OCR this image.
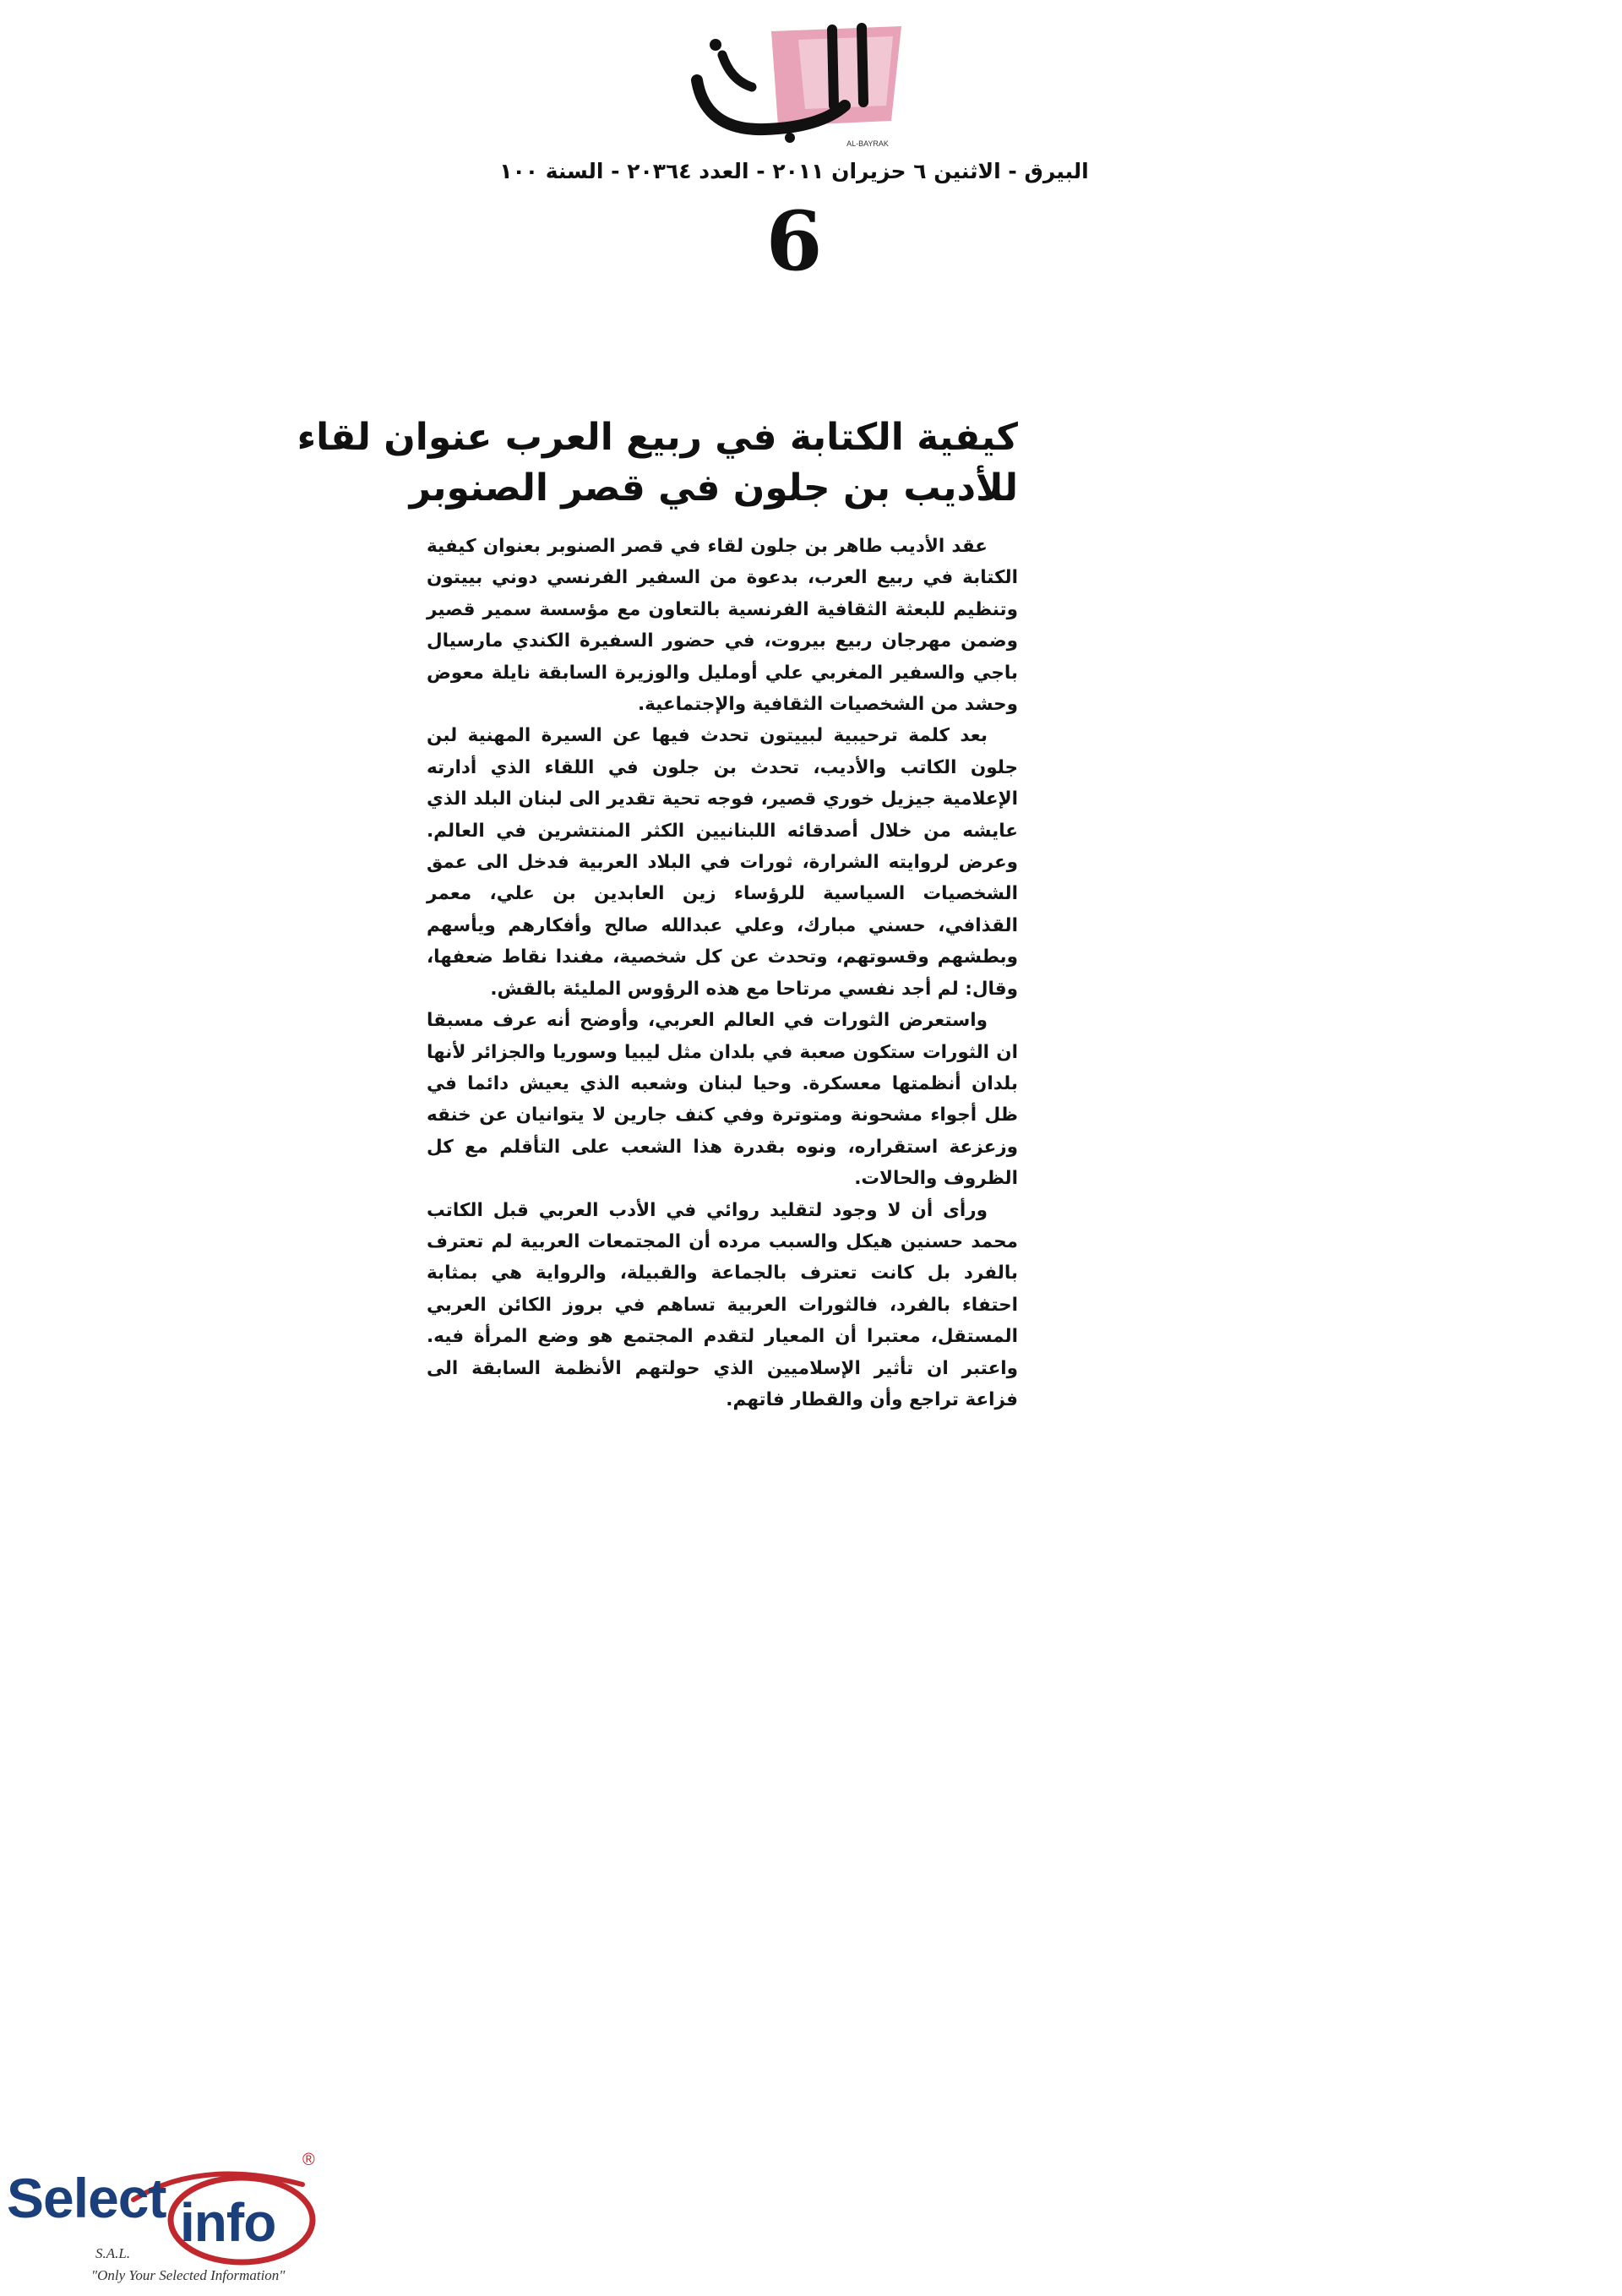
AL-BAYRAK
البيرق - الاثنين ٦ حزيران ٢٠١١ - العدد ٢٠٣٦٤ - السنة ١٠٠
6
كيفية الكتابة في ربيع العرب عنوان لقاء
للأديب بن جلون في قصر الصنوبر

عقد الأديب طاهر بن جلون لقاء في قصر الصنوبر بعنوان كيفية الكتابة في ربيع العرب، بدعوة من السفير الفرنسي دوني بييتون وتنظيم للبعثة الثقافية الفرنسية بالتعاون مع مؤسسة سمير قصير وضمن مهرجان ربيع بيروت، في حضور السفيرة الكندي مارسيال باجي والسفير المغربي علي أومليل والوزيرة السابقة نايلة معوض وحشد من الشخصيات الثقافية والإجتماعية.

بعد كلمة ترحيبية لبييتون تحدث فيها عن السيرة المهنية لبن جلون الكاتب والأديب، تحدث بن جلون في اللقاء الذي أدارته الإعلامية جيزيل خوري قصير، فوجه تحية تقدير الى لبنان البلد الذي عايشه من خلال أصدقائه اللبنانيين الكثر المنتشرين في العالم. وعرض لروايته الشرارة، ثورات في البلاد العربية فدخل الى عمق الشخصيات السياسية للرؤساء زين العابدين بن علي، معمر القذافي، حسني مبارك، وعلي عبدالله صالح وأفكارهم ويأسهم وبطشهم وقسوتهم، وتحدث عن كل شخصية، مفندا نقاط ضعفها، وقال: لم أجد نفسي مرتاحا مع هذه الرؤوس المليئة بالقش.

واستعرض الثورات في العالم العربي، وأوضح أنه عرف مسبقا ان الثورات ستكون صعبة في بلدان مثل ليبيا وسوريا والجزائر لأنها بلدان أنظمتها معسكرة. وحيا لبنان وشعبه الذي يعيش دائما في ظل أجواء مشحونة ومتوترة وفي كنف جارين لا يتوانيان عن خنقه وزعزعة استقراره، ونوه بقدرة هذا الشعب على التأقلم مع كل الظروف والحالات.

ورأى أن لا وجود لتقليد روائي في الأدب العربي قبل الكاتب محمد حسنين هيكل والسبب مرده أن المجتمعات العربية لم تعترف بالفرد بل كانت تعترف بالجماعة والقبيلة، والرواية هي بمثابة احتفاء بالفرد، فالثورات العربية تساهم في بروز الكائن العربي المستقل، معتبرا أن المعيار لتقدم المجتمع هو وضع المرأة فيه. واعتبر ان تأثير الإسلاميين الذي حولتهم الأنظمة السابقة الى فزاعة تراجع وأن والقطار فاتهم.

Select info
®
S.A.L.
"Only Your Selected Information"
